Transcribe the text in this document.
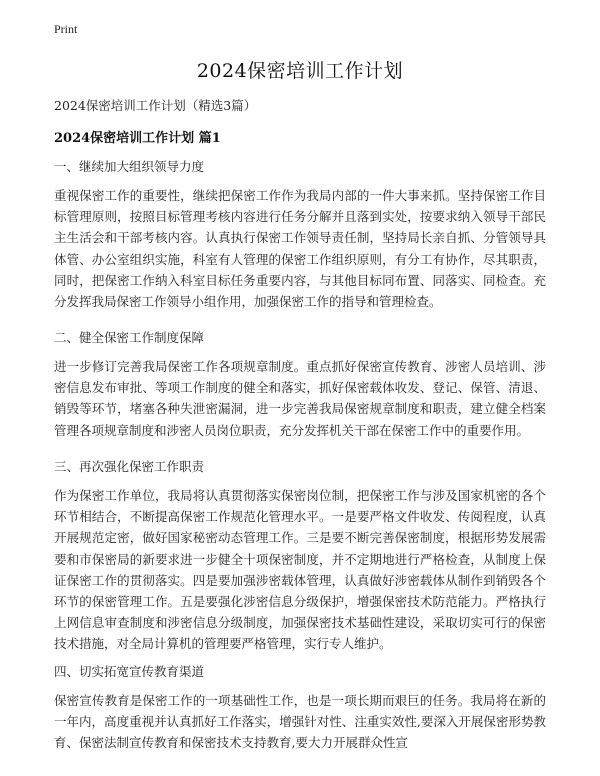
Print
2024保密培训工作计划
2024保密培训工作计划（精选3篇）
2024保密培训工作计划 篇1
一、继续加大组织领导力度
重视保密工作的重要性，继续把保密工作作为我局内部的一件大事来抓。坚持保密工作目标管理原则，按照目标管理考核内容进行任务分解并且落到实处，按要求纳入领导干部民主生活会和干部考核内容。认真执行保密工作领导责任制，坚持局长亲自抓、分管领导具体管、办公室组织实施，科室有人管理的保密工作组织原则，有分工有协作，尽其职责，同时，把保密工作纳入科室目标任务重要内容，与其他目标同布置、同落实、同检查。充分发挥我局保密工作领导小组作用，加强保密工作的指导和管理检查。
二、健全保密工作制度保障
进一步修订完善我局保密工作各项规章制度。重点抓好保密宣传教育、涉密人员培训、涉密信息发布审批、等项工作制度的健全和落实，抓好保密载体收发、登记、保管、清退、销毁等环节，堵塞各种失泄密漏洞，进一步完善我局保密规章制度和职责，建立健全档案管理各项规章制度和涉密人员岗位职责，充分发挥机关干部在保密工作中的重要作用。
三、再次强化保密工作职责
作为保密工作单位，我局将认真贯彻落实保密岗位制，把保密工作与涉及国家机密的各个环节相结合，不断提高保密工作规范化管理水平。一是要严格文件收发、传阅程度，认真开展规范定密，做好国家秘密动态管理工作。三是要不断完善保密制度，根据形势发展需要和市保密局的新要求进一步健全十项保密制度，并不定期地进行严格检查，从制度上保证保密工作的贯彻落实。四是要加强涉密载体管理，认真做好涉密载体从制作到销毁各个环节的保密管理工作。五是要强化涉密信息分级保护，增强保密技术防范能力。严格执行上网信息审查制度和涉密信息分级制度，加强保密技术基础性建设，采取切实可行的保密技术措施，对全局计算机的管理要严格管理，实行专人维护。
四、切实拓宽宣传教育渠道
保密宣传教育是保密工作的一项基础性工作，也是一项长期而艰巨的任务。我局将在新的一年内，高度重视并认真抓好工作落实，增强针对性、注重实效性,要深入开展保密形势教育、保密法制宣传教育和保密技术支持教育,要大力开展群众性宣
